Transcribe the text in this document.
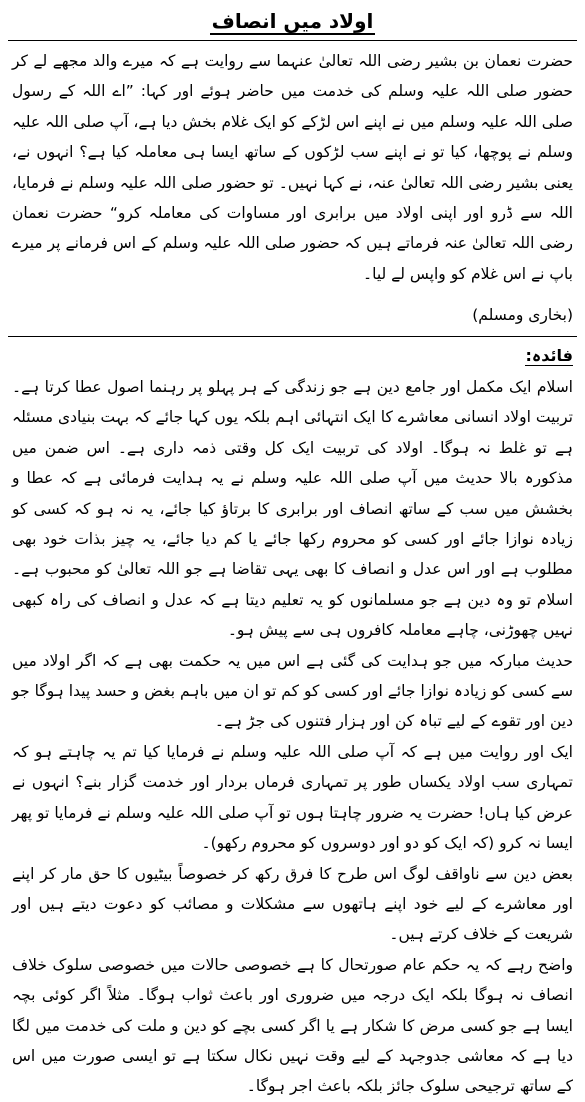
اولاد میں انصاف

حضرت نعمان بن بشیر رضی اللہ تعالیٰ عنہما سے روایت ہے کہ میرے والد مجھے لے کر حضور صلی اللہ علیہ وسلم کی خدمت میں حاضر ہوئے اور کہا: ”اے اللہ کے رسول صلی اللہ علیہ وسلم میں نے اپنے اس لڑکے کو ایک غلام بخش دیا ہے، آپ صلی اللہ علیہ وسلم نے پوچھا، کیا تو نے اپنے سب لڑکوں کے ساتھ ایسا ہی معاملہ کیا ہے؟ انہوں نے، یعنی بشیر رضی اللہ تعالیٰ عنہ، نے کہا نہیں۔ تو حضور صلی اللہ علیہ وسلم نے فرمایا، اللہ سے ڈرو اور اپنی اولاد میں برابری اور مساوات کی معاملہ کرو“ حضرت نعمان رضی اللہ تعالیٰ عنہ فرماتے ہیں کہ حضور صلی اللہ علیہ وسلم کے اس فرمانے پر میرے باپ نے اس غلام کو واپس لے لیا۔

(بخاری ومسلم)
فائدہ:

اسلام ایک مکمل اور جامع دین ہے جو زندگی کے ہر پہلو پر رہنما اصول عطا کرتا ہے۔ تربیت اولاد انسانی معاشرے کا ایک انتہائی اہم بلکہ یوں کہا جائے کہ بہت بنیادی مسئلہ ہے تو غلط نہ ہوگا۔ اولاد کی تربیت ایک کل وقتی ذمہ داری ہے۔ اس ضمن میں مذکورہ بالا حدیث میں آپ صلی اللہ علیہ وسلم نے یہ ہدایت فرمائی ہے کہ عطا و بخشش میں سب کے ساتھ انصاف اور برابری کا برتاؤ کیا جائے، یہ نہ ہو کہ کسی کو زیادہ نوازا جائے اور کسی کو محروم رکھا جائے یا کم دیا جائے، یہ چیز بذات خود بھی مطلوب ہے اور اس عدل و انصاف کا بھی یہی تقاضا ہے جو اللہ تعالیٰ کو محبوب ہے۔ اسلام تو وہ دین ہے جو مسلمانوں کو یہ تعلیم دیتا ہے کہ عدل و انصاف کی راہ کبھی نہیں چھوڑنی، چاہے معاملہ کافروں ہی سے پیش ہو۔

حدیث مبارکہ میں جو ہدایت کی گئی ہے اس میں یہ حکمت بھی ہے کہ اگر اولاد میں سے کسی کو زیادہ نوازا جائے اور کسی کو کم تو ان میں باہم بغض و حسد پیدا ہوگا جو دین اور تقوے کے لیے تباہ کن اور ہزار فتنوں کی جڑ ہے۔

ایک اور روایت میں ہے کہ آپ صلی اللہ علیہ وسلم نے فرمایا کیا تم یہ چاہتے ہو کہ تمہاری سب اولاد یکساں طور پر تمہاری فرماں بردار اور خدمت گزار بنے؟ انہوں نے عرض کیا ہاں! حضرت یہ ضرور چاہتا ہوں تو آپ صلی اللہ علیہ وسلم نے فرمایا تو پھر ایسا نہ کرو (کہ ایک کو دو اور دوسروں کو محروم رکھو)۔

بعض دین سے ناواقف لوگ اس طرح کا فرق رکھ کر خصوصاً بیٹیوں کا حق مار کر اپنے اور معاشرے کے لیے خود اپنے ہاتھوں سے مشکلات و مصائب کو دعوت دیتے ہیں اور شریعت کے خلاف کرتے ہیں۔

واضح رہے کہ یہ حکم عام صورتحال کا ہے خصوصی حالات میں خصوصی سلوک خلاف انصاف نہ ہوگا بلکہ ایک درجہ میں ضروری اور باعث ثواب ہوگا۔ مثلاً اگر کوئی بچہ ایسا ہے جو کسی مرض کا شکار ہے یا اگر کسی بچے کو دین و ملت کی خدمت میں لگا دیا ہے کہ معاشی جدوجہد کے لیے وقت نہیں نکال سکتا ہے تو ایسی صورت میں اس کے ساتھ ترجیحی سلوک جائز بلکہ باعث اجر ہوگا۔
